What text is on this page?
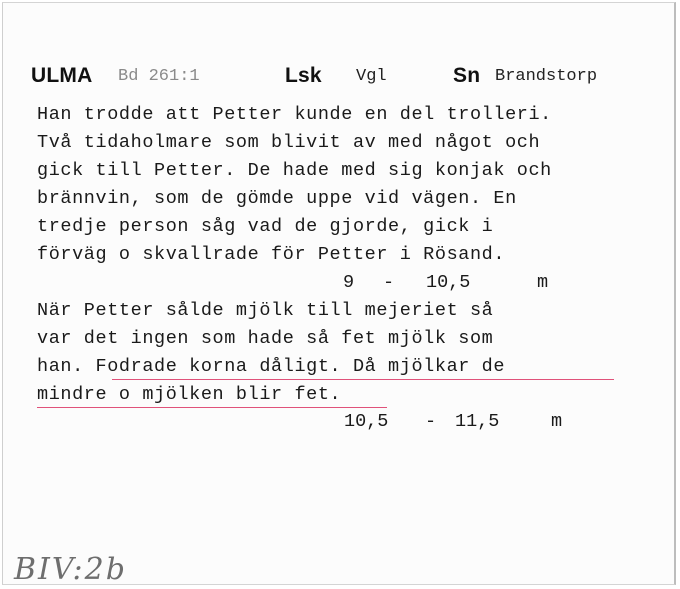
ULMA Bd 261:1	Lsk Vgl	Sn Brandstorp
Han trodde att Petter kunde en del trolleri.
Två tidaholmare som blivit av med något och
gick till Petter. De hade med sig konjak och
brännvin, som de gömde uppe vid vägen. En
tredje person såg vad de gjorde, gick i
förväg o skvallrade för Petter i Rösand.
9 - 10,5	m
När Petter sålde mjölk till mejeriet så
var det ingen som hade så fet mjölk som
han. Fodrade korna dåligt. Då mjölkar de
mindre o mjölken blir fet.
10,5 - 11,5	m
BIV:2b
